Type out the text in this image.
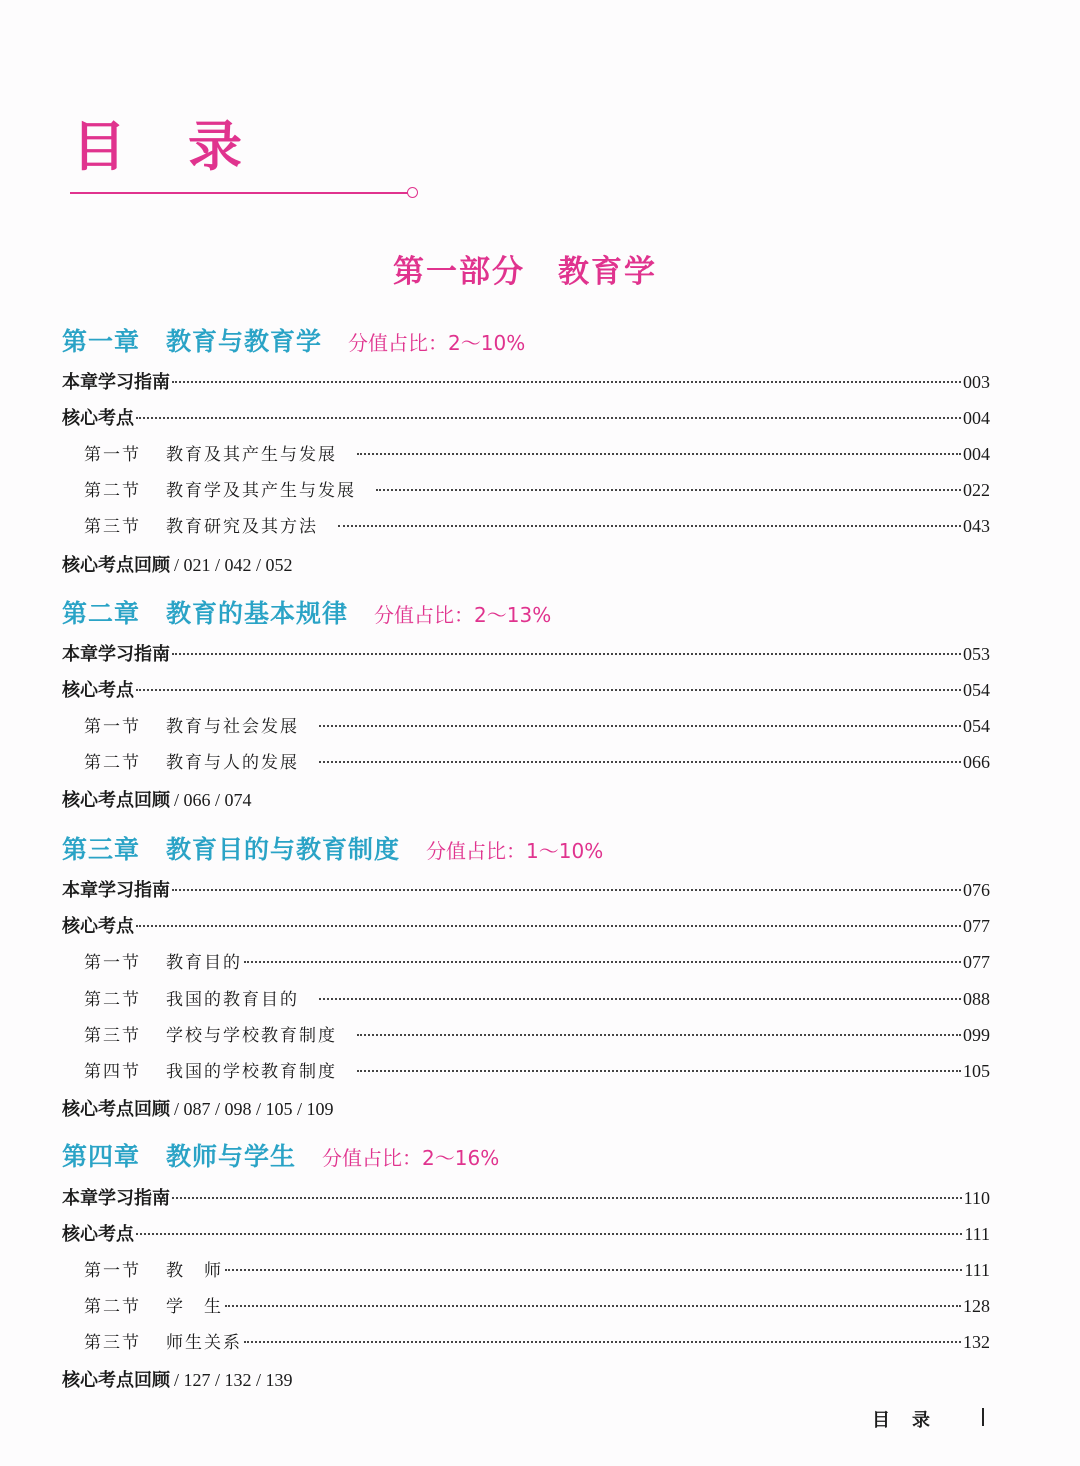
目 录
第一部分　教育学
第一章 教育与教育学 分值占比：2～10%
本章学习指南	003
核心考点	004
第一节	教育及其产生与发展	004
第二节	教育学及其产生与发展	022
第三节	教育研究及其方法	043
核心考点回顾 / 021 / 042 / 052
第二章 教育的基本规律 分值占比：2～13%
本章学习指南	053
核心考点	054
第一节	教育与社会发展	054
第二节	教育与人的发展	066
核心考点回顾 / 066 / 074
第三章 教育目的与教育制度 分值占比：1～10%
本章学习指南	076
核心考点	077
第一节	教育目的	077
第二节	我国的教育目的	088
第三节	学校与学校教育制度	099
第四节	我国的学校教育制度	105
核心考点回顾 / 087 / 098 / 105 / 109
第四章 教师与学生 分值占比：2～16%
本章学习指南	110
核心考点	111
第一节	教　师	111
第二节	学　生	128
第三节	师生关系	132
核心考点回顾 / 127 / 132 / 139
目录
